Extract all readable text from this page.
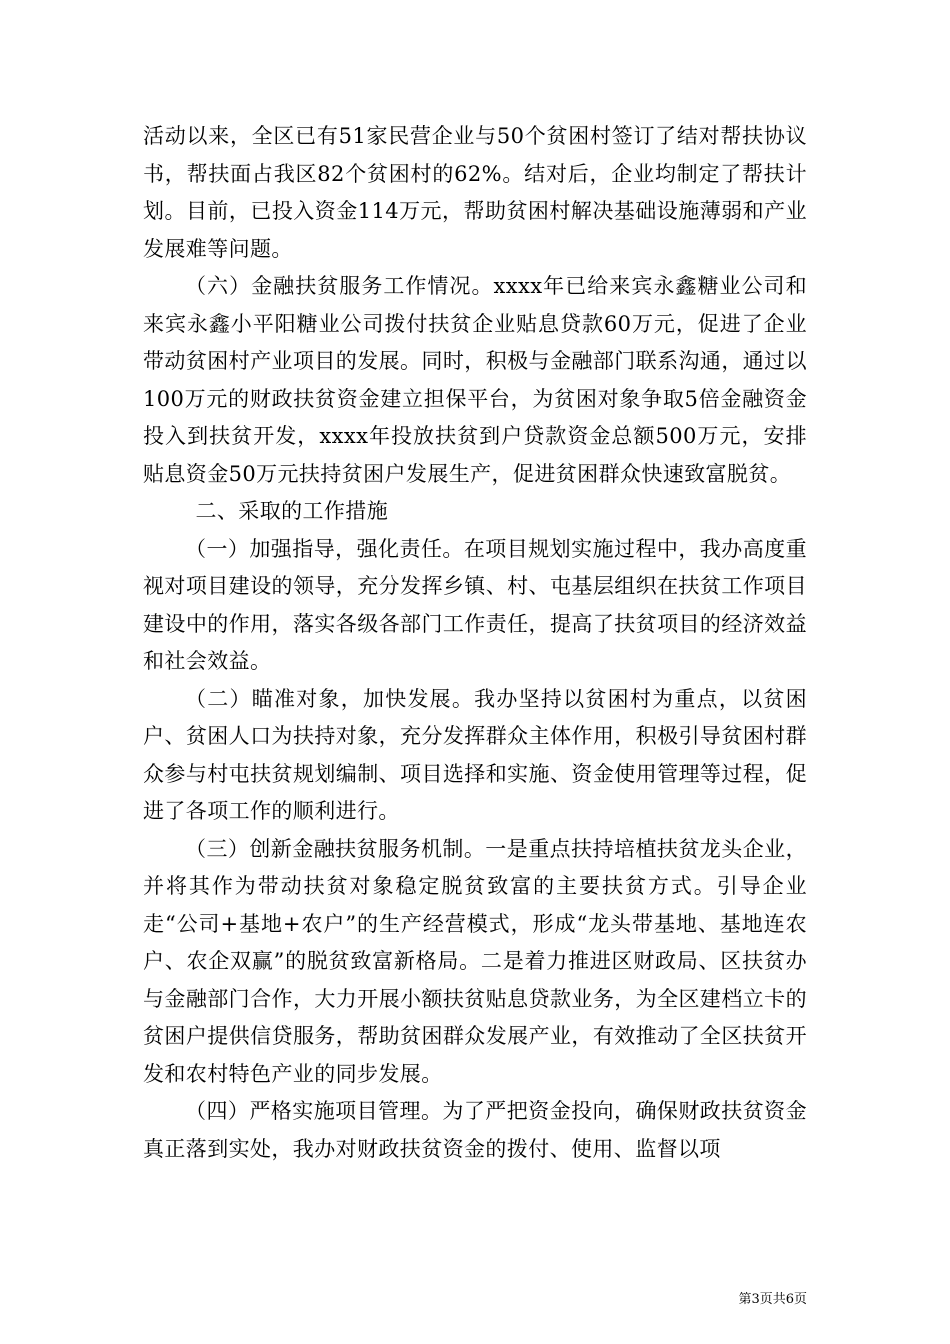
活动以来，全区已有51家民营企业与50个贫困村签订了结对帮扶协议书，帮扶面占我区82个贫困村的62%。结对后，企业均制定了帮扶计划。目前，已投入资金114万元，帮助贫困村解决基础设施薄弱和产业发展难等问题。

（六）金融扶贫服务工作情况。xxxx年已给来宾永鑫糖业公司和来宾永鑫小平阳糖业公司拨付扶贫企业贴息贷款60万元，促进了企业带动贫困村产业项目的发展。同时，积极与金融部门联系沟通，通过以100万元的财政扶贫资金建立担保平台，为贫困对象争取5倍金融资金投入到扶贫开发，xxxx年投放扶贫到户贷款资金总额500万元，安排贴息资金50万元扶持贫困户发展生产，促进贫困群众快速致富脱贫。

二、采取的工作措施

（一）加强指导，强化责任。在项目规划实施过程中，我办高度重视对项目建设的领导，充分发挥乡镇、村、屯基层组织在扶贫工作项目建设中的作用，落实各级各部门工作责任，提高了扶贫项目的经济效益和社会效益。

（二）瞄准对象，加快发展。我办坚持以贫困村为重点，以贫困户、贫困人口为扶持对象，充分发挥群众主体作用，积极引导贫困村群众参与村屯扶贫规划编制、项目选择和实施、资金使用管理等过程，促进了各项工作的顺利进行。

（三）创新金融扶贫服务机制。一是重点扶持培植扶贫龙头企业，并将其作为带动扶贫对象稳定脱贫致富的主要扶贫方式。引导企业走“公司+基地+农户”的生产经营模式，形成“龙头带基地、基地连农户、农企双赢”的脱贫致富新格局。二是着力推进区财政局、区扶贫办与金融部门合作，大力开展小额扶贫贴息贷款业务，为全区建档立卡的贫困户提供信贷服务，帮助贫困群众发展产业，有效推动了全区扶贫开发和农村特色产业的同步发展。

（四）严格实施项目管理。为了严把资金投向，确保财政扶贫资金真正落到实处，我办对财政扶贫资金的拨付、使用、监督以项

第3页共6页
